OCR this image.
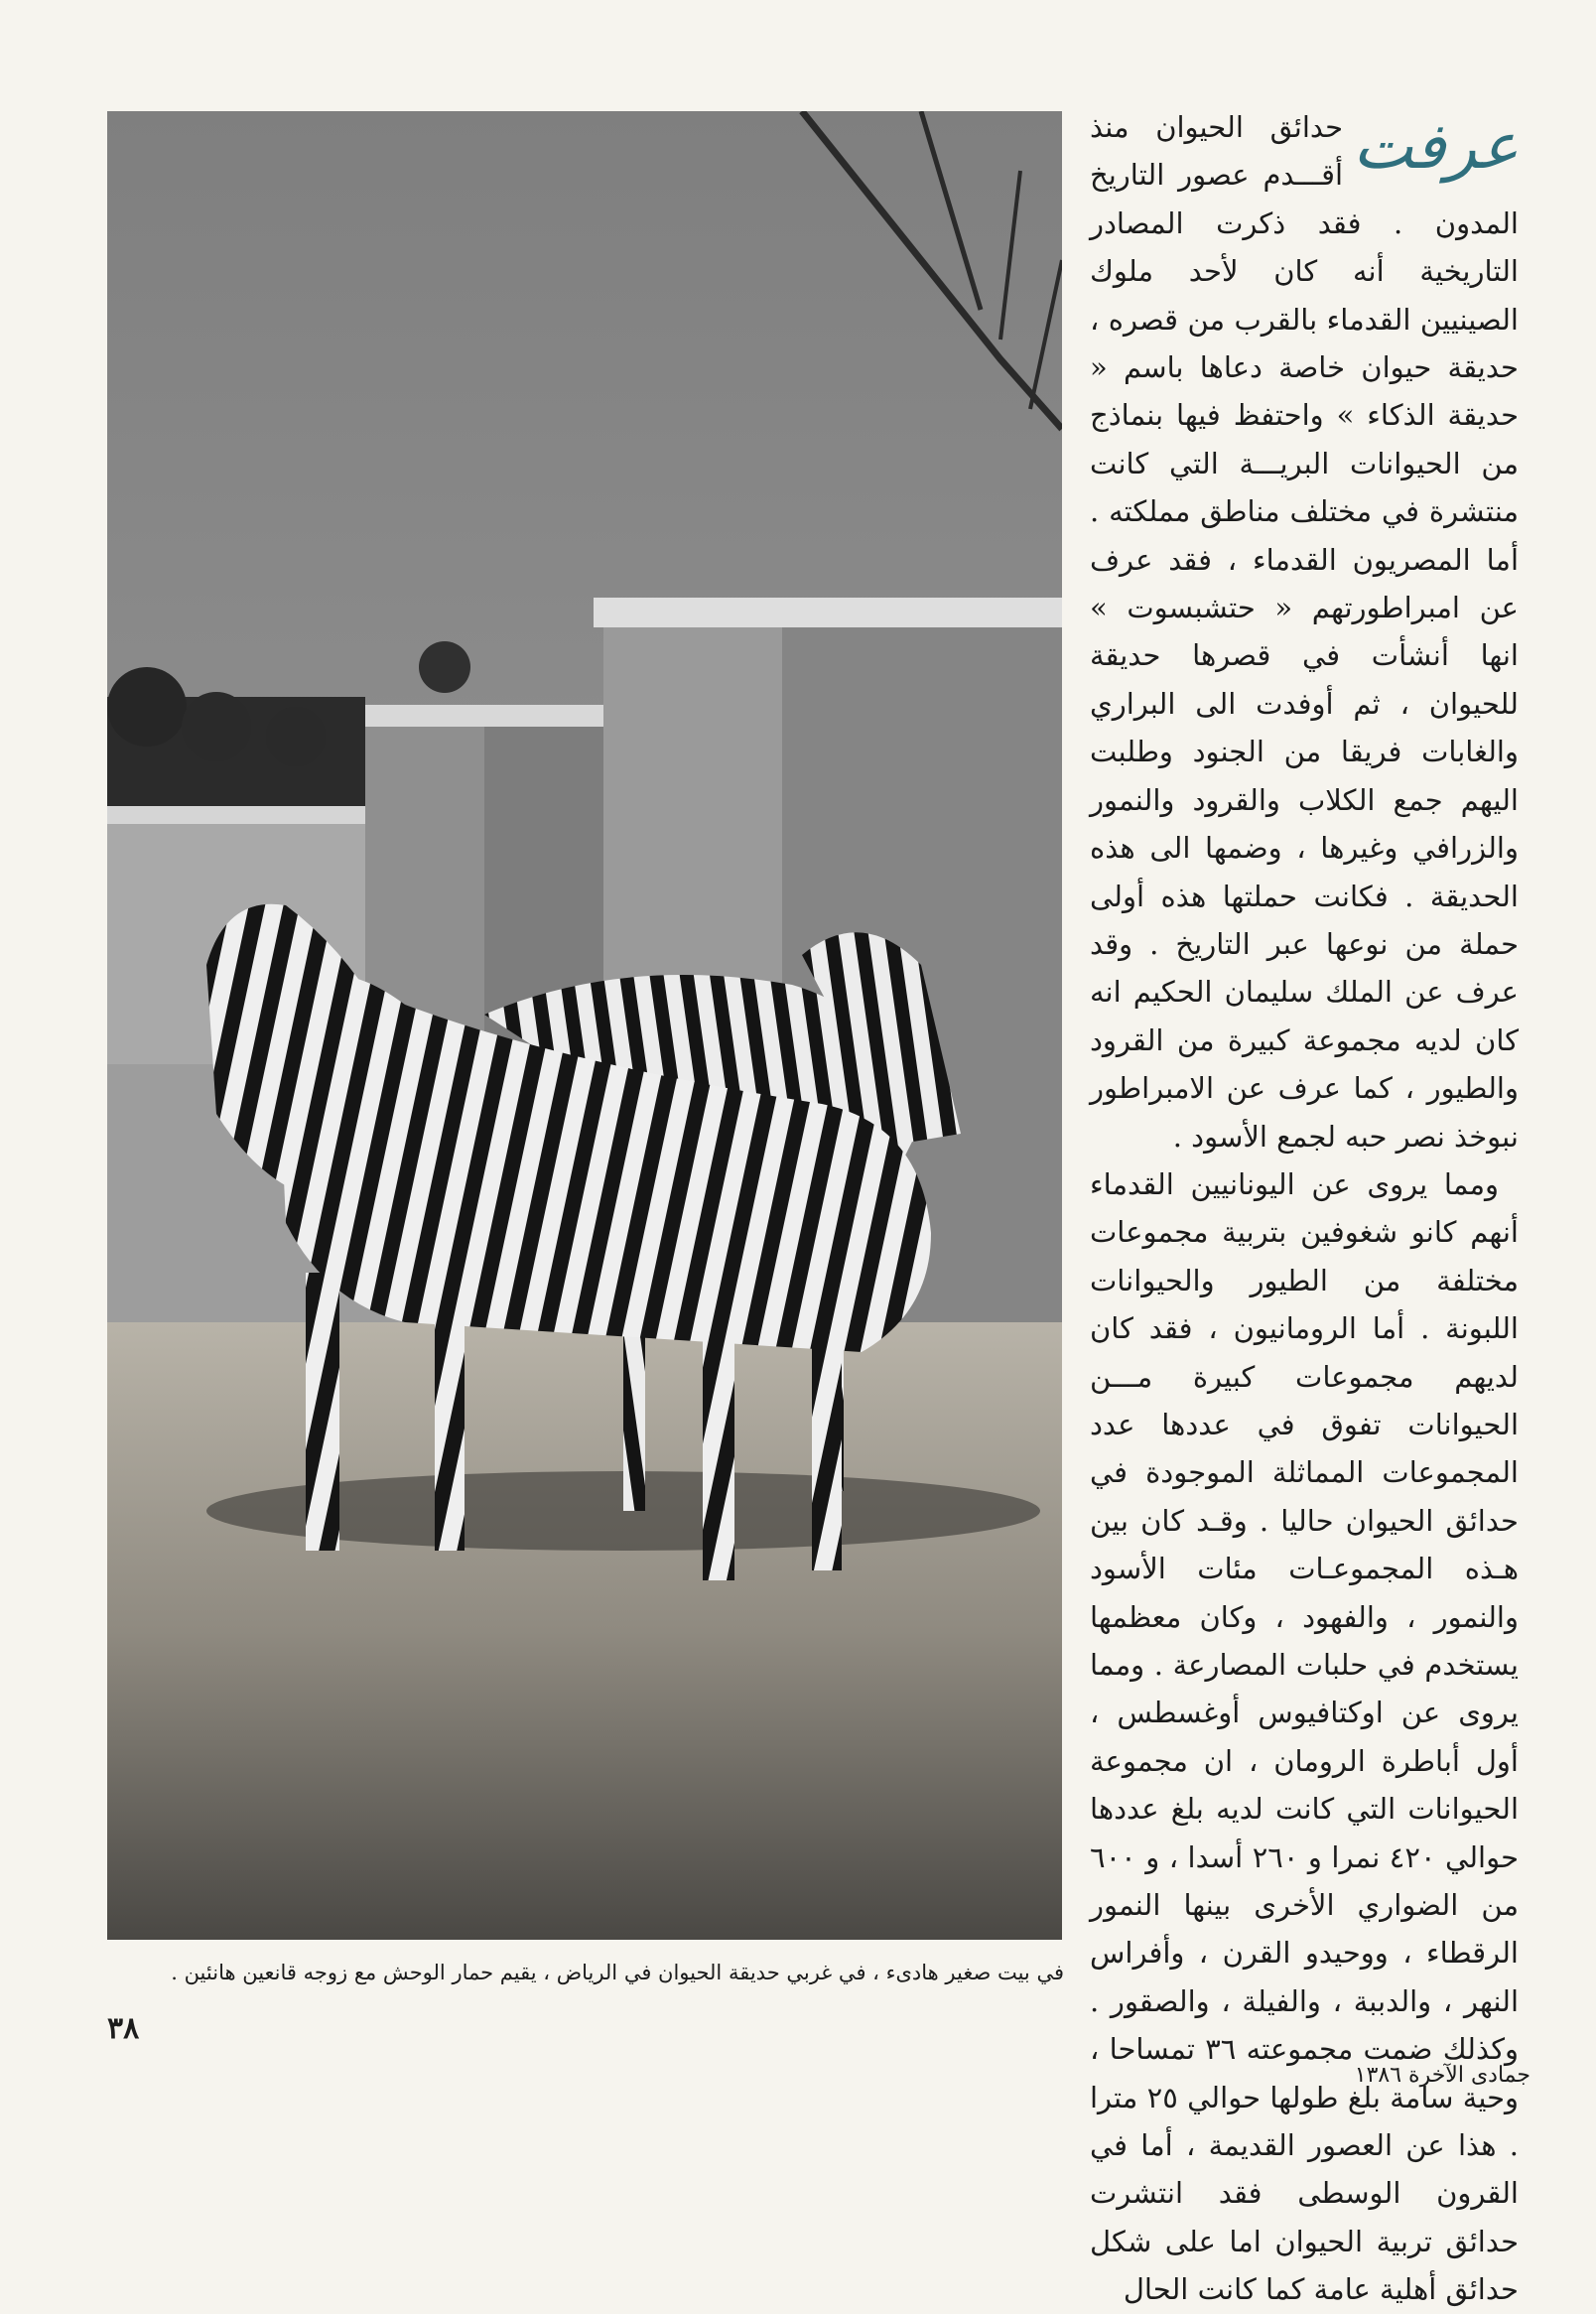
في بيت صغير هادىء ، في غربي حديقة الحيوان في الرياض ، يقيم حمار الوحش مع زوجه قانعين هانئين .

عرفت
حدائق الحيوان منذ أقـــدم عصور التاريخ المدون . فقد ذكرت المصادر التاريخية أنه كان لأحد ملوك الصينيين القدماء بالقرب من قصره ، حديقة حيوان خاصة دعاها باسم « حديقة الذكاء » واحتفظ فيها بنماذج من الحيوانات البريـــة التي كانت منتشرة في مختلف مناطق مملكته . أما المصريون القدماء ، فقد عرف عن امبراطورتهم « حتشبسوت » انها أنشأت في قصرها حديقة للحيوان ، ثم أوفدت الى البراري والغابات فريقا من الجنود وطلبت اليهم جمع الكلاب والقرود والنمور والزرافي وغيرها ، وضمها الى هذه الحديقة . فكانت حملتها هذه أولى حملة من نوعها عبر التاريخ . وقد عرف عن الملك سليمان الحكيم انه كان لديه مجموعة كبيرة من القرود والطيور ، كما عرف عن الامبراطور نبوخذ نصر حبه لجمع الأسود .

ومما يروى عن اليونانيين القدماء أنهم كانو شغوفين بتربية مجموعات مختلفة من الطيور والحيوانات اللبونة . أما الرومانيون ، فقد كان لديهم مجموعات كبيرة مـــن الحيوانات تفوق في عددها عدد المجموعات المماثلة الموجودة في حدائق الحيوان حاليا . وقـد كان بين هـذه المجموعـات مئات الأسود والنمور ، والفهود ، وكان معظمها يستخدم في حلبات المصارعة . ومما يروى عن اوكتافيوس أوغسطس ، أول أباطرة الرومان ، ان مجموعة الحيوانات التي كانت لديه بلغ عددها حوالي ٤٢٠ نمرا و ٢٦٠ أسدا ، و ٦٠٠ من الضواري الأخرى بينها النمور الرقطاء ، ووحيدو القرن ، وأفراس النهر ، والدببة ، والفيلة ، والصقور . وكذلك ضمت مجموعته ٣٦ تمساحا ، وحية سامة بلغ طولها حوالي ٢٥ مترا . هذا عن العصور القديمة ، أما في القرون الوسطى فقد انتشرت حدائق تربية الحيوان اما على شكل حدائق أهلية عامة كما كانت الحال

٣٨
جمادى الآخرة ١٣٨٦
